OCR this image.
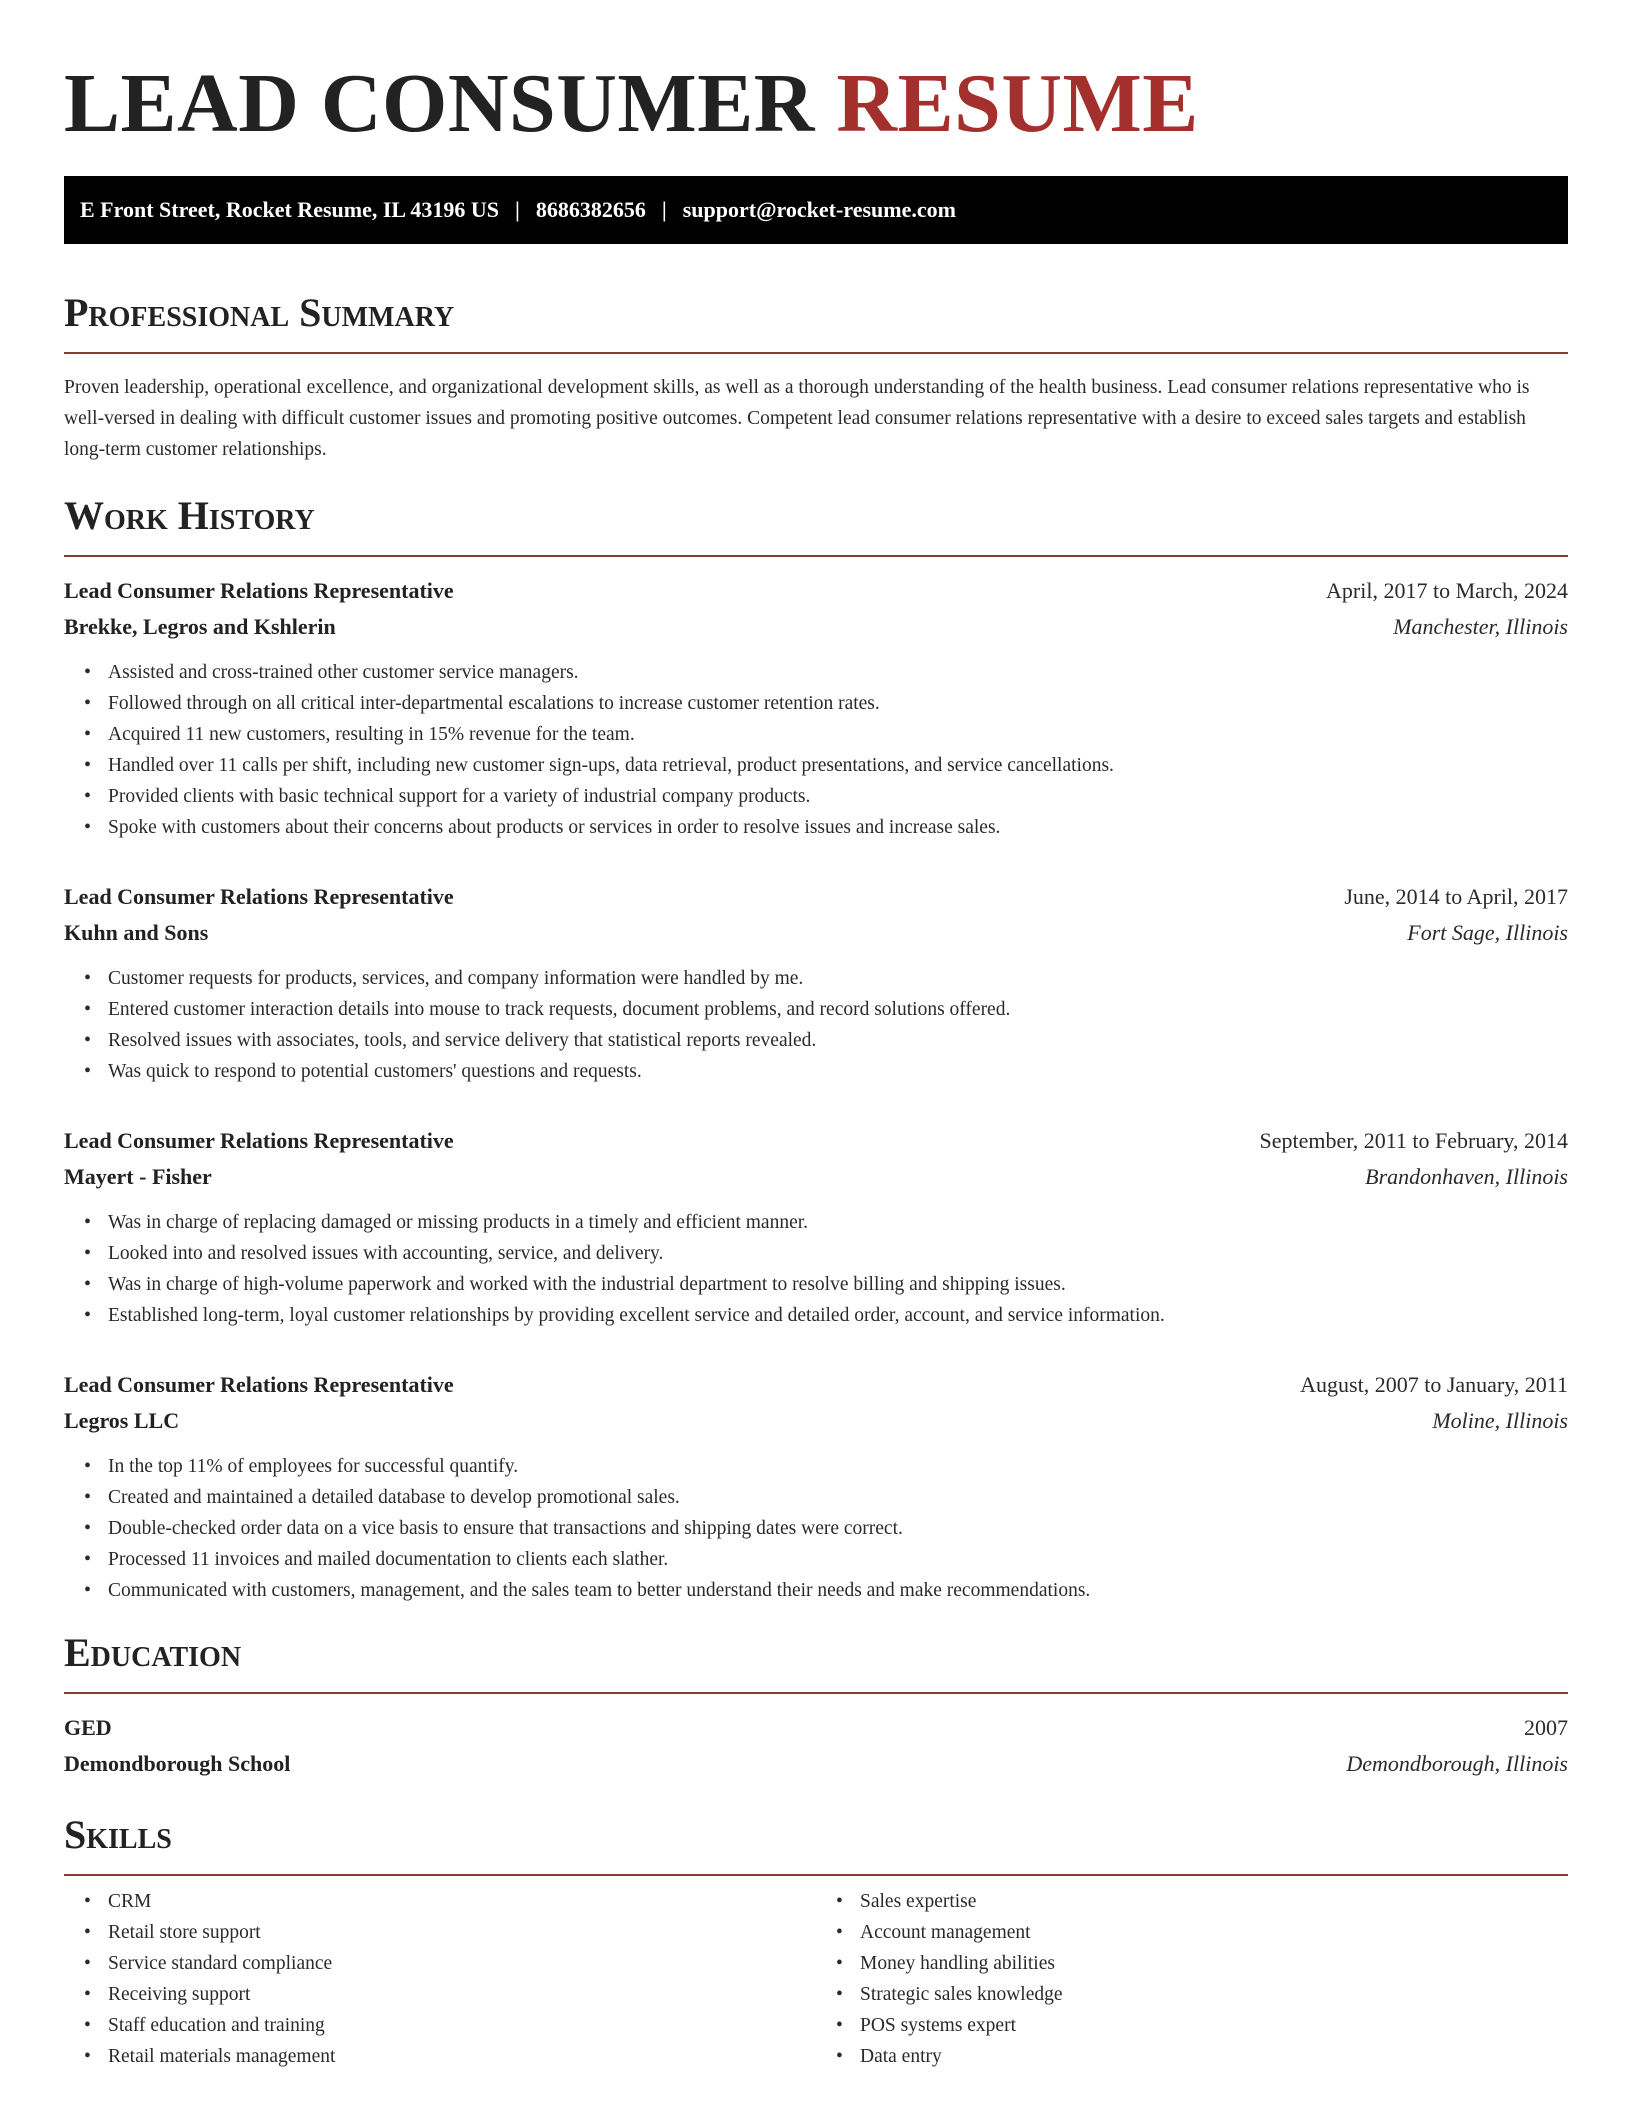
LEAD CONSUMER RESUME
E Front Street, Rocket Resume, IL 43196 US | 8686382656 | support@rocket-resume.com
Professional Summary

Proven leadership, operational excellence, and organizational development skills, as well as a thorough understanding of the health business. Lead consumer relations representative who is well-versed in dealing with difficult customer issues and promoting positive outcomes. Competent lead consumer relations representative with a desire to exceed sales targets and establish long-term customer relationships.

Work History
Lead Consumer Relations Representative	April, 2017 to March, 2024
Brekke, Legros and Kshlerin	Manchester, Illinois
• Assisted and cross-trained other customer service managers.
• Followed through on all critical inter-departmental escalations to increase customer retention rates.
• Acquired 11 new customers, resulting in 15% revenue for the team.
• Handled over 11 calls per shift, including new customer sign-ups, data retrieval, product presentations, and service cancellations.
• Provided clients with basic technical support for a variety of industrial company products.
• Spoke with customers about their concerns about products or services in order to resolve issues and increase sales.
Lead Consumer Relations Representative	June, 2014 to April, 2017
Kuhn and Sons	Fort Sage, Illinois
• Customer requests for products, services, and company information were handled by me.
• Entered customer interaction details into mouse to track requests, document problems, and record solutions offered.
• Resolved issues with associates, tools, and service delivery that statistical reports revealed.
• Was quick to respond to potential customers' questions and requests.
Lead Consumer Relations Representative	September, 2011 to February, 2014
Mayert - Fisher	Brandonhaven, Illinois
• Was in charge of replacing damaged or missing products in a timely and efficient manner.
• Looked into and resolved issues with accounting, service, and delivery.
• Was in charge of high-volume paperwork and worked with the industrial department to resolve billing and shipping issues.
• Established long-term, loyal customer relationships by providing excellent service and detailed order, account, and service information.
Lead Consumer Relations Representative	August, 2007 to January, 2011
Legros LLC	Moline, Illinois
• In the top 11% of employees for successful quantify.
• Created and maintained a detailed database to develop promotional sales.
• Double-checked order data on a vice basis to ensure that transactions and shipping dates were correct.
• Processed 11 invoices and mailed documentation to clients each slather.
• Communicated with customers, management, and the sales team to better understand their needs and make recommendations.
Education
GED	2007
Demondborough School	Demondborough, Illinois
Skills
• CRM
• Retail store support
• Service standard compliance
• Receiving support
• Staff education and training
• Retail materials management
• Sales expertise
• Account management
• Money handling abilities
• Strategic sales knowledge
• POS systems expert
• Data entry
